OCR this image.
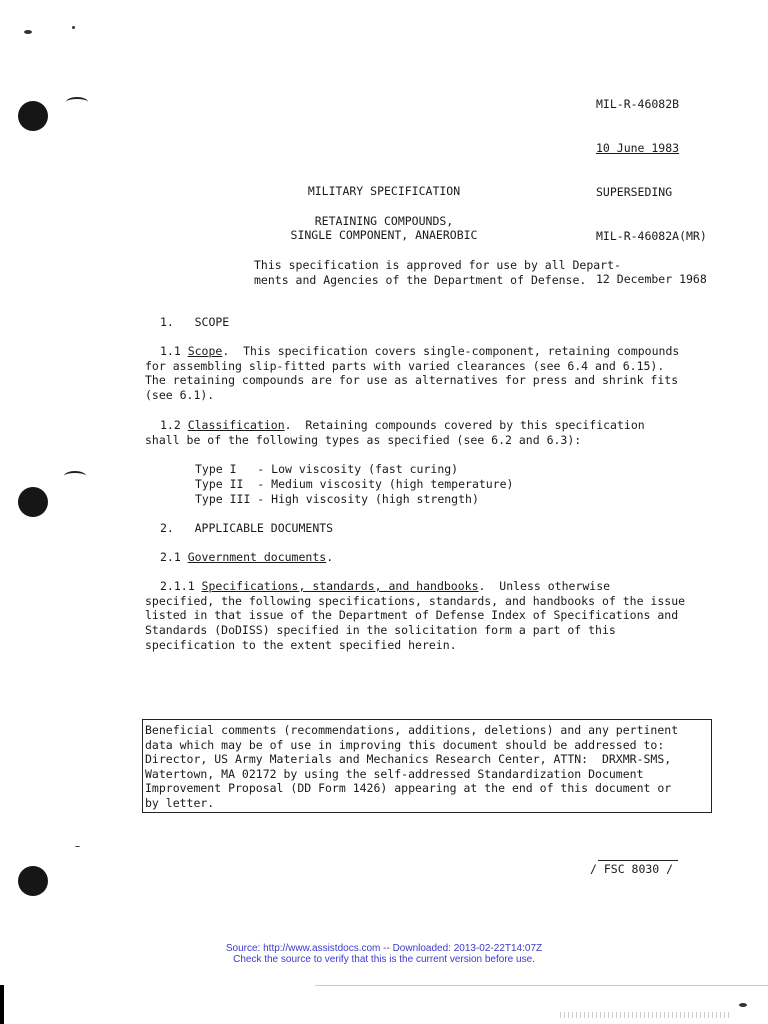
MIL-R-46082B

10 June 1983

SUPERSEDING

MIL-R-46082A(MR)

12 December 1968

MILITARY SPECIFICATION
RETAINING COMPOUNDS,
SINGLE COMPONENT, ANAEROBIC
This specification is approved for use by all Depart-
ments and Agencies of the Department of Defense.
1.   SCOPE
1.1 Scope.  This specification covers single-component, retaining compounds
for assembling slip-fitted parts with varied clearances (see 6.4 and 6.15).
The retaining compounds are for use as alternatives for press and shrink fits
(see 6.1).
1.2 Classification.  Retaining compounds covered by this specification
shall be of the following types as specified (see 6.2 and 6.3):
Type I   - Low viscosity (fast curing)
Type II  - Medium viscosity (high temperature)
Type III - High viscosity (high strength)
2.   APPLICABLE DOCUMENTS
2.1 Government documents.
2.1.1 Specifications, standards, and handbooks.  Unless otherwise
specified, the following specifications, standards, and handbooks of the issue
listed in that issue of the Department of Defense Index of Specifications and
Standards (DoDISS) specified in the solicitation form a part of this
specification to the extent specified herein.
Beneficial comments (recommendations, additions, deletions) and any pertinent
data which may be of use in improving this document should be addressed to:
Director, US Army Materials and Mechanics Research Center, ATTN:  DRXMR-SMS,
Watertown, MA 02172 by using the self-addressed Standardization Document
Improvement Proposal (DD Form 1426) appearing at the end of this document or
by letter.
/ FSC 8030 /
Source: http://www.assistdocs.com -- Downloaded: 2013-02-22T14:07Z
Check the source to verify that this is the current version before use.
